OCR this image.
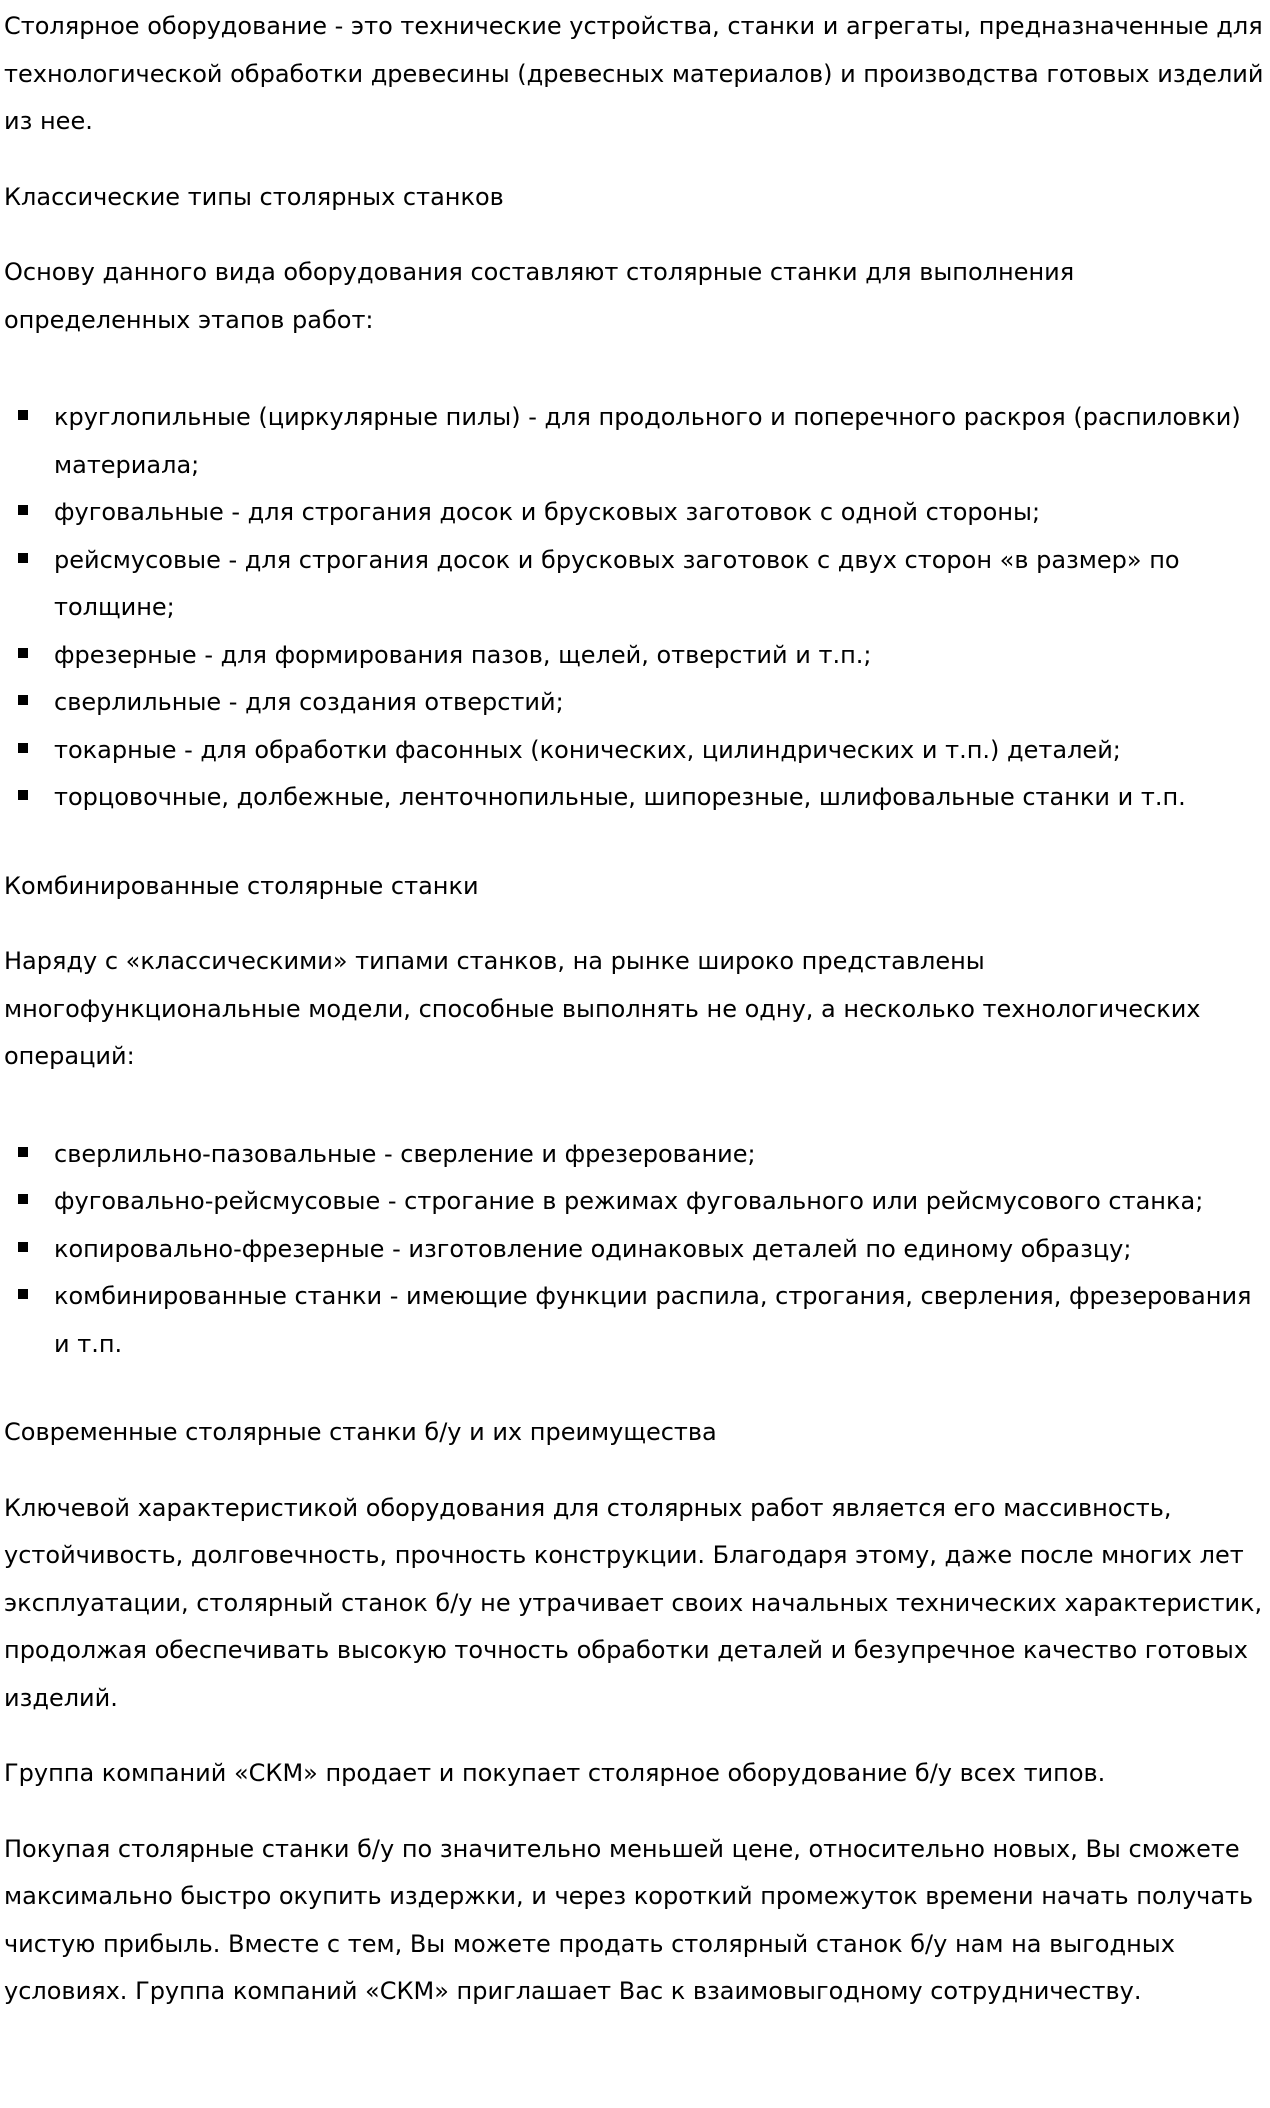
Столярное оборудование - это технические устройства, станки и агрегаты, предназначенные для технологической обработки древесины (древесных материалов) и производства готовых изделий из нее.

Классические типы столярных станков

Основу данного вида оборудования составляют столярные станки для выполнения определенных этапов работ:

круглопильные (циркулярные пилы) - для продольного и поперечного раскроя (распиловки) материала;
фуговальные - для строгания досок и брусковых заготовок с одной стороны;
рейсмусовые - для строгания досок и брусковых заготовок с двух сторон «в размер» по толщине;
фрезерные - для формирования пазов, щелей, отверстий и т.п.;
сверлильные - для создания отверстий;
токарные - для обработки фасонных (конических, цилиндрических и т.п.) деталей;
торцовочные, долбежные, ленточнопильные, шипорезные, шлифовальные станки и т.п.

Комбинированные столярные станки

Наряду с «классическими» типами станков, на рынке широко представлены многофункциональные модели, способные выполнять не одну, а несколько технологических операций:

сверлильно-пазовальные - сверление и фрезерование;
фуговально-рейсмусовые - строгание в режимах фуговального или рейсмусового станка;
копировально-фрезерные - изготовление одинаковых деталей по единому образцу;
комбинированные станки - имеющие функции распила, строгания, сверления, фрезерования и т.п.

Современные столярные станки б/у и их преимущества

Ключевой характеристикой оборудования для столярных работ является его массивность, устойчивость, долговечность, прочность конструкции. Благодаря этому, даже после многих лет эксплуатации, столярный станок б/у не утрачивает своих начальных технических характеристик, продолжая обеспечивать высокую точность обработки деталей и безупречное качество готовых изделий.

Группа компаний «СКМ» продает и покупает столярное оборудование б/у всех типов.

Покупая столярные станки б/у по значительно меньшей цене, относительно новых, Вы сможете максимально быстро окупить издержки, и через короткий промежуток времени начать получать чистую прибыль. Вместе с тем, Вы можете продать столярный станок б/у нам на выгодных условиях. Группа компаний «СКМ» приглашает Вас к взаимовыгодному сотрудничеству.
